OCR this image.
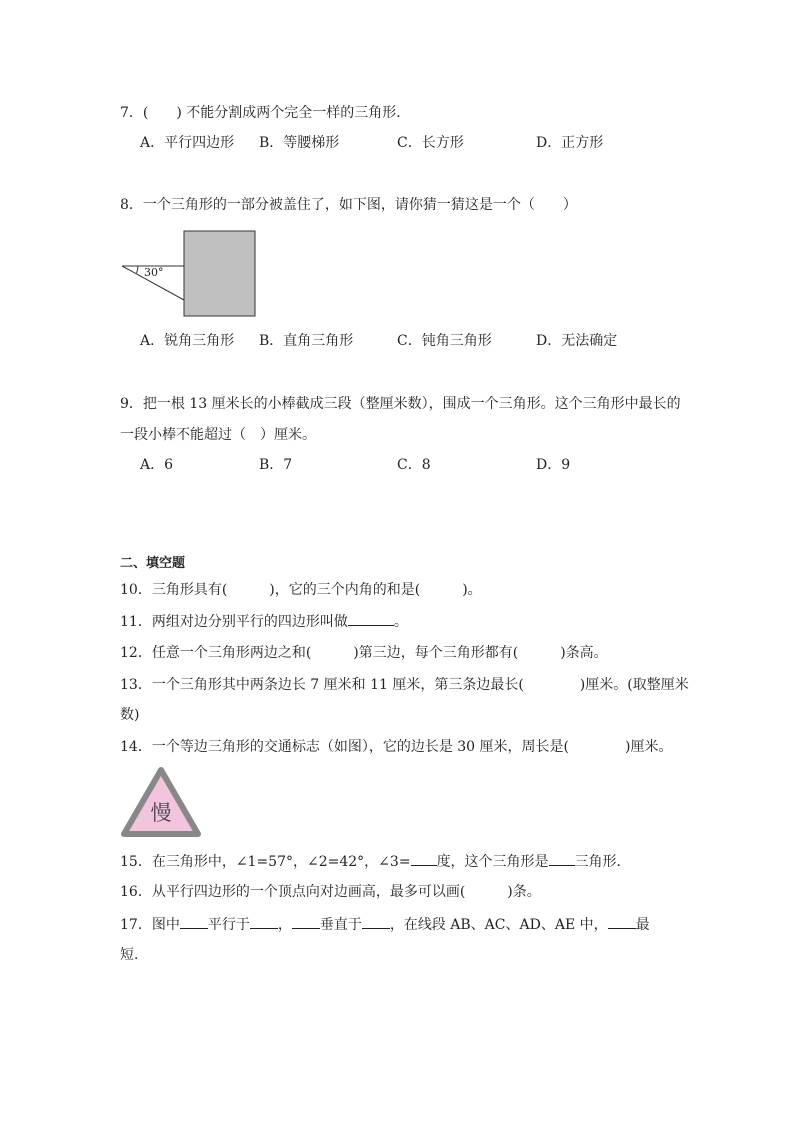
7．(　　) 不能分割成两个完全一样的三角形．
A．平行四边形 B．等腰梯形	C．长方形	D．正方形
8．一个三角形的一部分被盖住了，如下图，请你猜一猜这是一个（　　）
30°
A．锐角三角形 B．直角三角形	C．钝角三角形	D．无法确定
9．把一根 13 厘米长的小棒截成三段（整厘米数），围成一个三角形。这个三角形中最长的
一段小棒不能超过（　）厘米。
A．6	B．7	C．8	D．9
二、填空题
10．三角形具有(　　　)，它的三个内角的和是(　　　)。
11．两组对边分别平行的四边形叫做	。
12．任意一个三角形两边之和(　　　)第三边，每个三角形都有(　　　)条高。
13．一个三角形其中两条边长 7 厘米和 11 厘米，第三条边最长(　　　　)厘米。(取整厘米
数)
14．一个等边三角形的交通标志（如图），它的边长是 30 厘米，周长是(　　　　)厘米。
慢
15．在三角形中，∠1=57°，∠2=42°，∠3= 度，这个三角形是 三角形．
16．从平行四边形的一个顶点向对边画高，最多可以画(　　　)条。
17．图中 平行于 ， 垂直于 ，在线段 AB、AC、AD、AE 中， 最
短．
